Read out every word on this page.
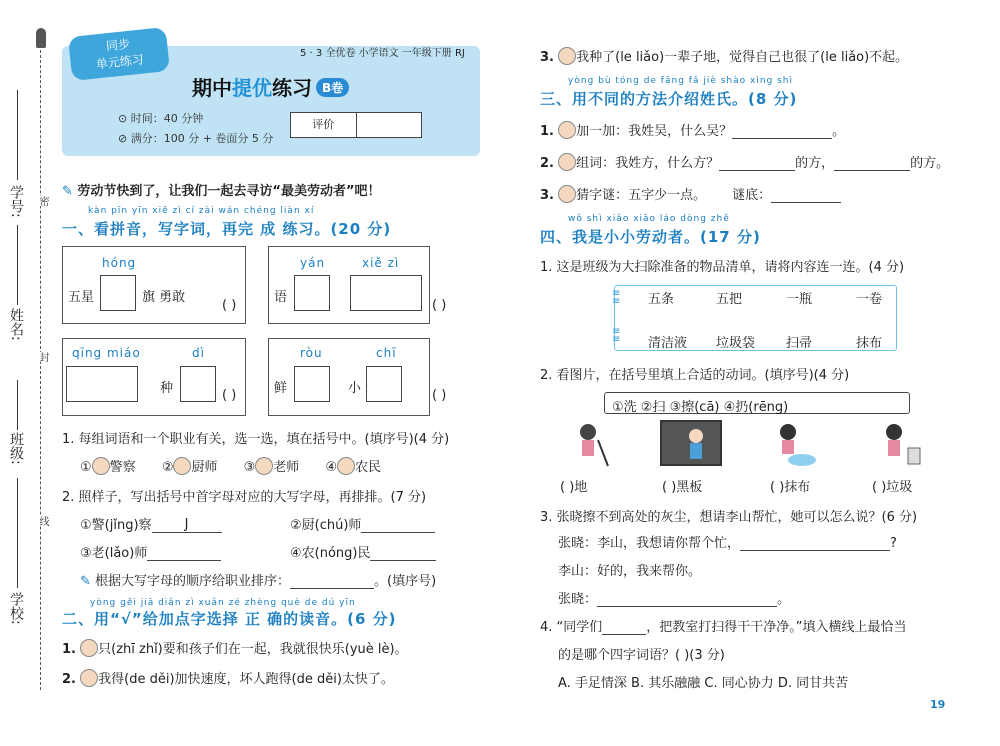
密
封
线
学号:
姓名:
班级:
学校:
同步
单元练习	5 · 3 全优卷 小学语文 一年级下册 RJ
期中提优练习 B卷
⊙ 时间：40 分钟
⊘ 满分：100 分 + 卷面分 5 分
评价
✎ 劳动节快到了，让我们一起去寻访“最美劳动者”吧！
kàn pīn yīn xiě zì cí zài wán chéng liàn xí
一、看拼音，写字词，再完 成 练习。(20 分)
hóng
五星	旗 勇敢
( )
yán	xiě zì
语
( )
qīng miáo	dì
种	( )
ròu	chī
鲜	小	( )
1. 每组词语和一个职业有关，选一选，填在括号中。(填序号)(4 分)
① 警察 ② 厨师 ③ 老师 ④ 农民
2. 照样子，写出括号中首字母对应的大写字母，再排排。(7 分)
①警(jǐng)察	J	②厨(chú)师
③老(lǎo)师	④农(nóng)民
✎ 根据大写字母的顺序给职业排序：	。(填序号)
yòng gěi jiā diǎn zì xuǎn zé zhèng què de dú yīn
二、用“√”给加点字选择 正 确的读音。(6 分)
1. 只(zhī zhǐ)要和孩子们在一起，我就很快乐(yuè lè)。
2. 我得(de děi)加快速度，坏人跑得(de děi)太快了。
3. 我种了(le liǎo)一辈子地，觉得自己也很了(le liǎo)不起。
yòng bù tóng de fāng fǎ jiè shào xìng shì
三、用不同的方法介绍姓氏。(8 分)
1. 加一加：我姓吴，什么吴？	。
2. 组词：我姓方，什么方？	的方，	的方。
3. 猜字谜：五字少一点。 谜底：
wǒ shì xiǎo xiǎo láo dòng zhě
四、我是小小劳动者。(17 分)
1. 这是班级为大扫除准备的物品清单，请将内容连一连。(4 分)
≡
≡
≡
≡
五条	五把	一瓶	一卷
清洁液 垃圾袋 扫帚	抹布
2. 看图片，在括号里填上合适的动词。(填序号)(4 分)
①洗 ②扫 ③擦(cā) ④扔(rēng)
( )地	( )黑板	( )抹布	( )垃圾
3. 张晓擦不到高处的灰尘，想请李山帮忙，她可以怎么说？(6 分)
张晓：李山，我想请你帮个忙，	?
李山：好的，我来帮你。
张晓：	。
4. “同学们	，把教室打扫得干干净净。”填入横线上最恰当
的是哪个四字词语？( )(3 分)
A. 手足情深 B. 其乐融融 C. 同心协力 D. 同甘共苦
19
